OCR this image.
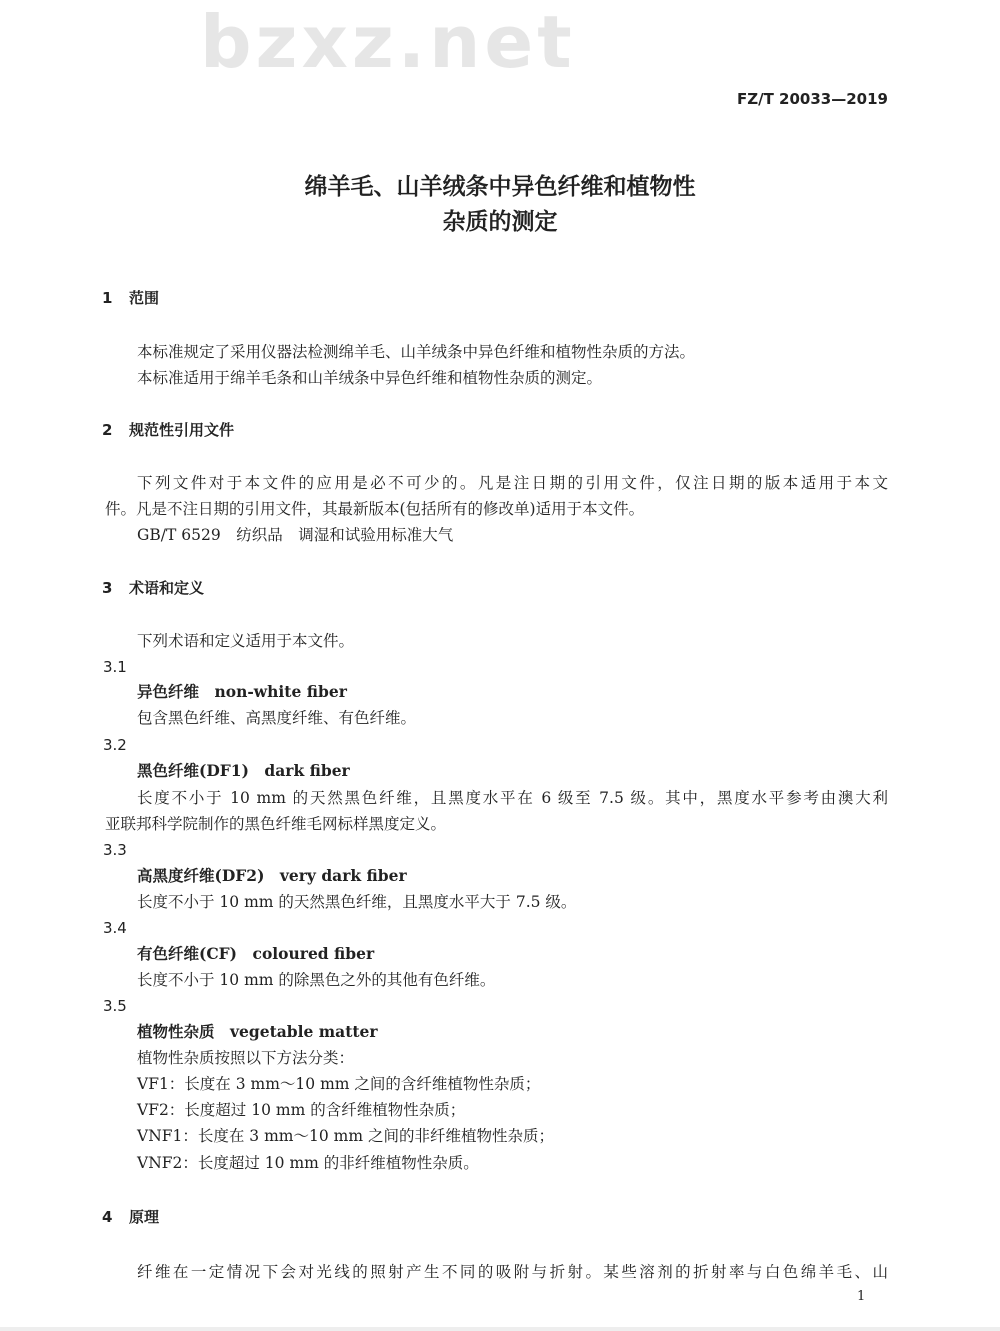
bzxz.net
FZ/T 20033—2019
绵羊毛、山羊绒条中异色纤维和植物性
杂质的测定
1 范围
本标准规定了采用仪器法检测绵羊毛、山羊绒条中异色纤维和植物性杂质的方法。
本标准适用于绵羊毛条和山羊绒条中异色纤维和植物性杂质的测定。
2 规范性引用文件
下列文件对于本文件的应用是必不可少的。凡是注日期的引用文件，仅注日期的版本适用于本文
件。凡是不注日期的引用文件，其最新版本(包括所有的修改单)适用于本文件。
GB/T 6529　纺织品　调湿和试验用标准大气
3 术语和定义
下列术语和定义适用于本文件。
3.1
异色纤维　non-white fiber
包含黑色纤维、高黑度纤维、有色纤维。
3.2
黑色纤维(DF1)　dark fiber
长度不小于 10 mm 的天然黑色纤维，且黑度水平在 6 级至 7.5 级。其中，黑度水平参考由澳大利
亚联邦科学院制作的黑色纤维毛网标样黑度定义。
3.3
高黑度纤维(DF2)　very dark fiber
长度不小于 10 mm 的天然黑色纤维，且黑度水平大于 7.5 级。
3.4
有色纤维(CF)　coloured fiber
长度不小于 10 mm 的除黑色之外的其他有色纤维。
3.5
植物性杂质　vegetable matter
植物性杂质按照以下方法分类：
VF1：长度在 3 mm～10 mm 之间的含纤维植物性杂质；
VF2：长度超过 10 mm 的含纤维植物性杂质；
VNF1：长度在 3 mm～10 mm 之间的非纤维植物性杂质；
VNF2：长度超过 10 mm 的非纤维植物性杂质。
4 原理
纤维在一定情况下会对光线的照射产生不同的吸附与折射。某些溶剂的折射率与白色绵羊毛、山
1
